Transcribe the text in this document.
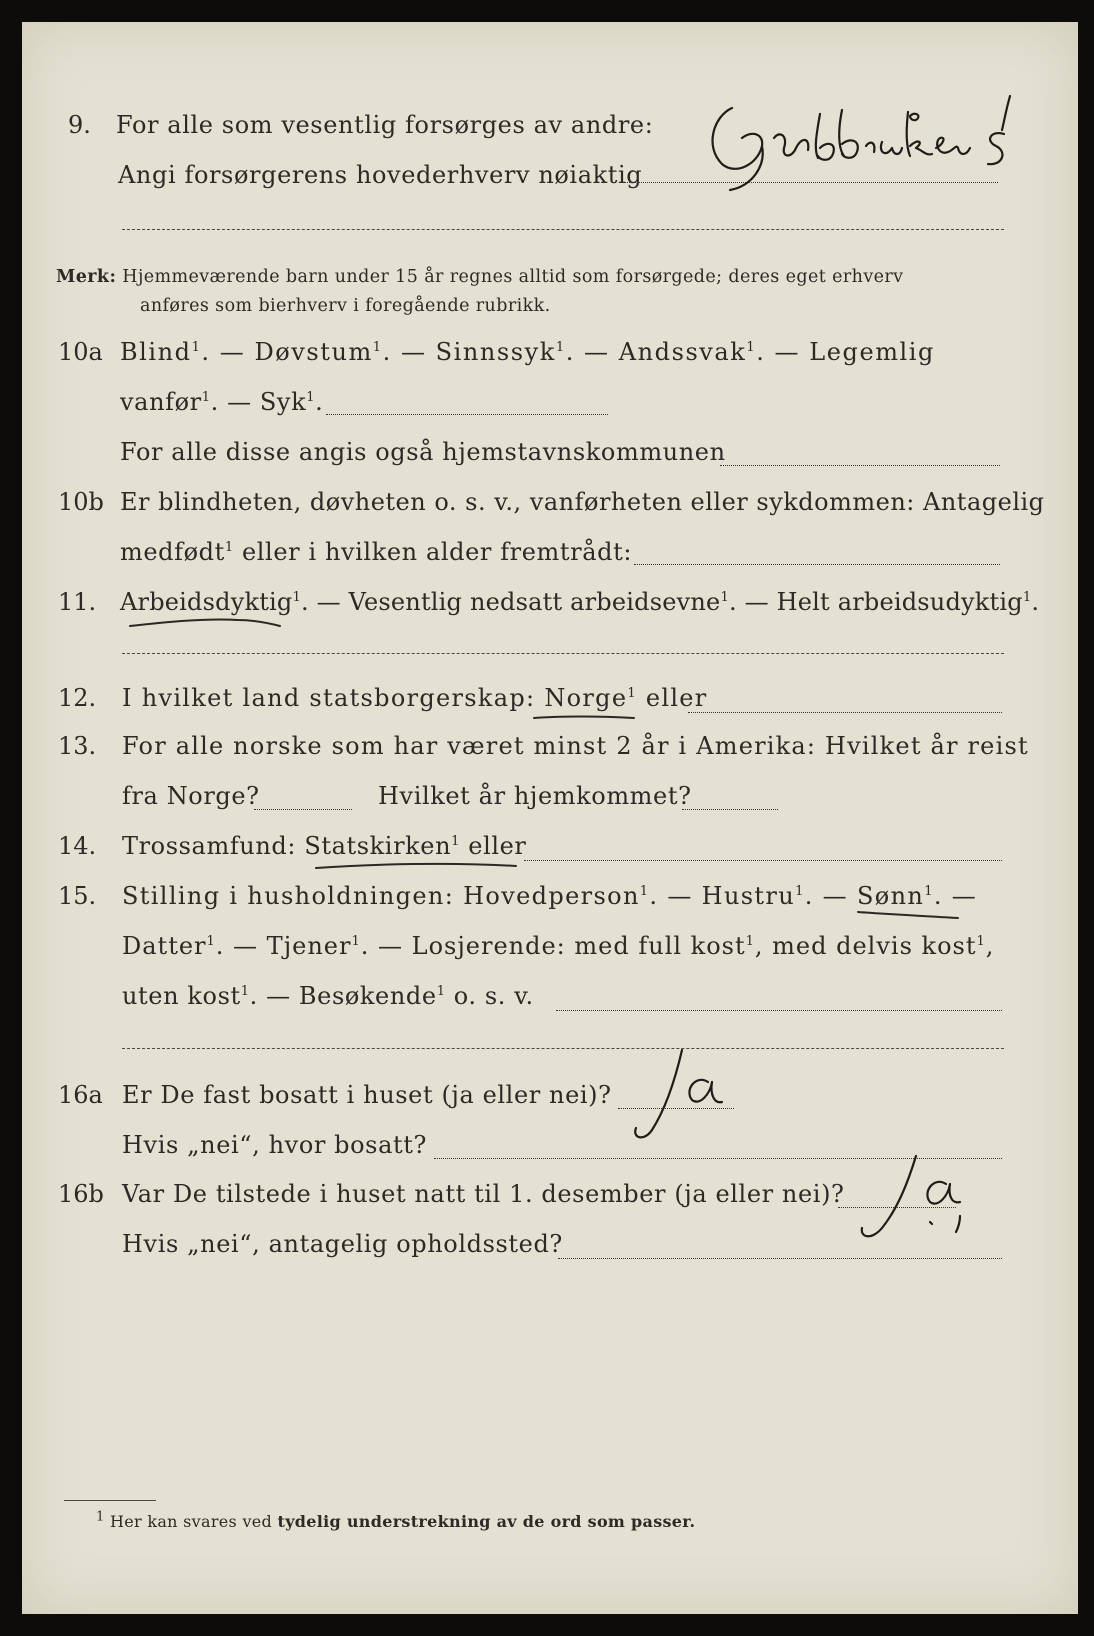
9. For alle som vesentlig forsørges av andre:
Angi forsørgerens hovederhverv nøiaktig
Merk: Hjemmeværende barn under 15 år regnes alltid som forsørgede; deres eget erhverv
anføres som bierhverv i foregående rubrikk.
10a Blind$^1$. — Døvstum$^1$. — Sinnssyk$^1$. — Andssvak$^1$. — Legemlig
vanfør$^1$. — Syk$^1$.
For alle disse angis også hjemstavnskommunen
10b Er blindheten, døvheten o. s. v., vanførheten eller sykdommen: Antagelig
medfødt$^1$ eller i hvilken alder fremtrådt:
11. Arbeidsdyktig$^1$. — Vesentlig nedsatt arbeidsevne$^1$. — Helt arbeidsudyktig$^1$.
12. I hvilket land statsborgerskap: Norge$^1$ eller
13. For alle norske som har været minst 2 år i Amerika: Hvilket år reist
fra Norge?	Hvilket år hjemkommet?
14. Trossamfund: Statskirken$^1$ eller
15. Stilling i husholdningen: Hovedperson$^1$. — Hustru$^1$. — Sønn$^1$. —
Datter$^1$. — Tjener$^1$. — Losjerende: med full kost$^1$, med delvis kost$^1$,
uten kost$^1$. — Besøkende$^1$ o. s. v.
16a Er De fast bosatt i huset (ja eller nei)?
Hvis „nei“, hvor bosatt?
16b Var De tilstede i huset natt til 1. desember (ja eller nei)?
Hvis „nei“, antagelig opholdssted?
$^1$ Her kan svares ved tydelig understrekning av de ord som passer.
